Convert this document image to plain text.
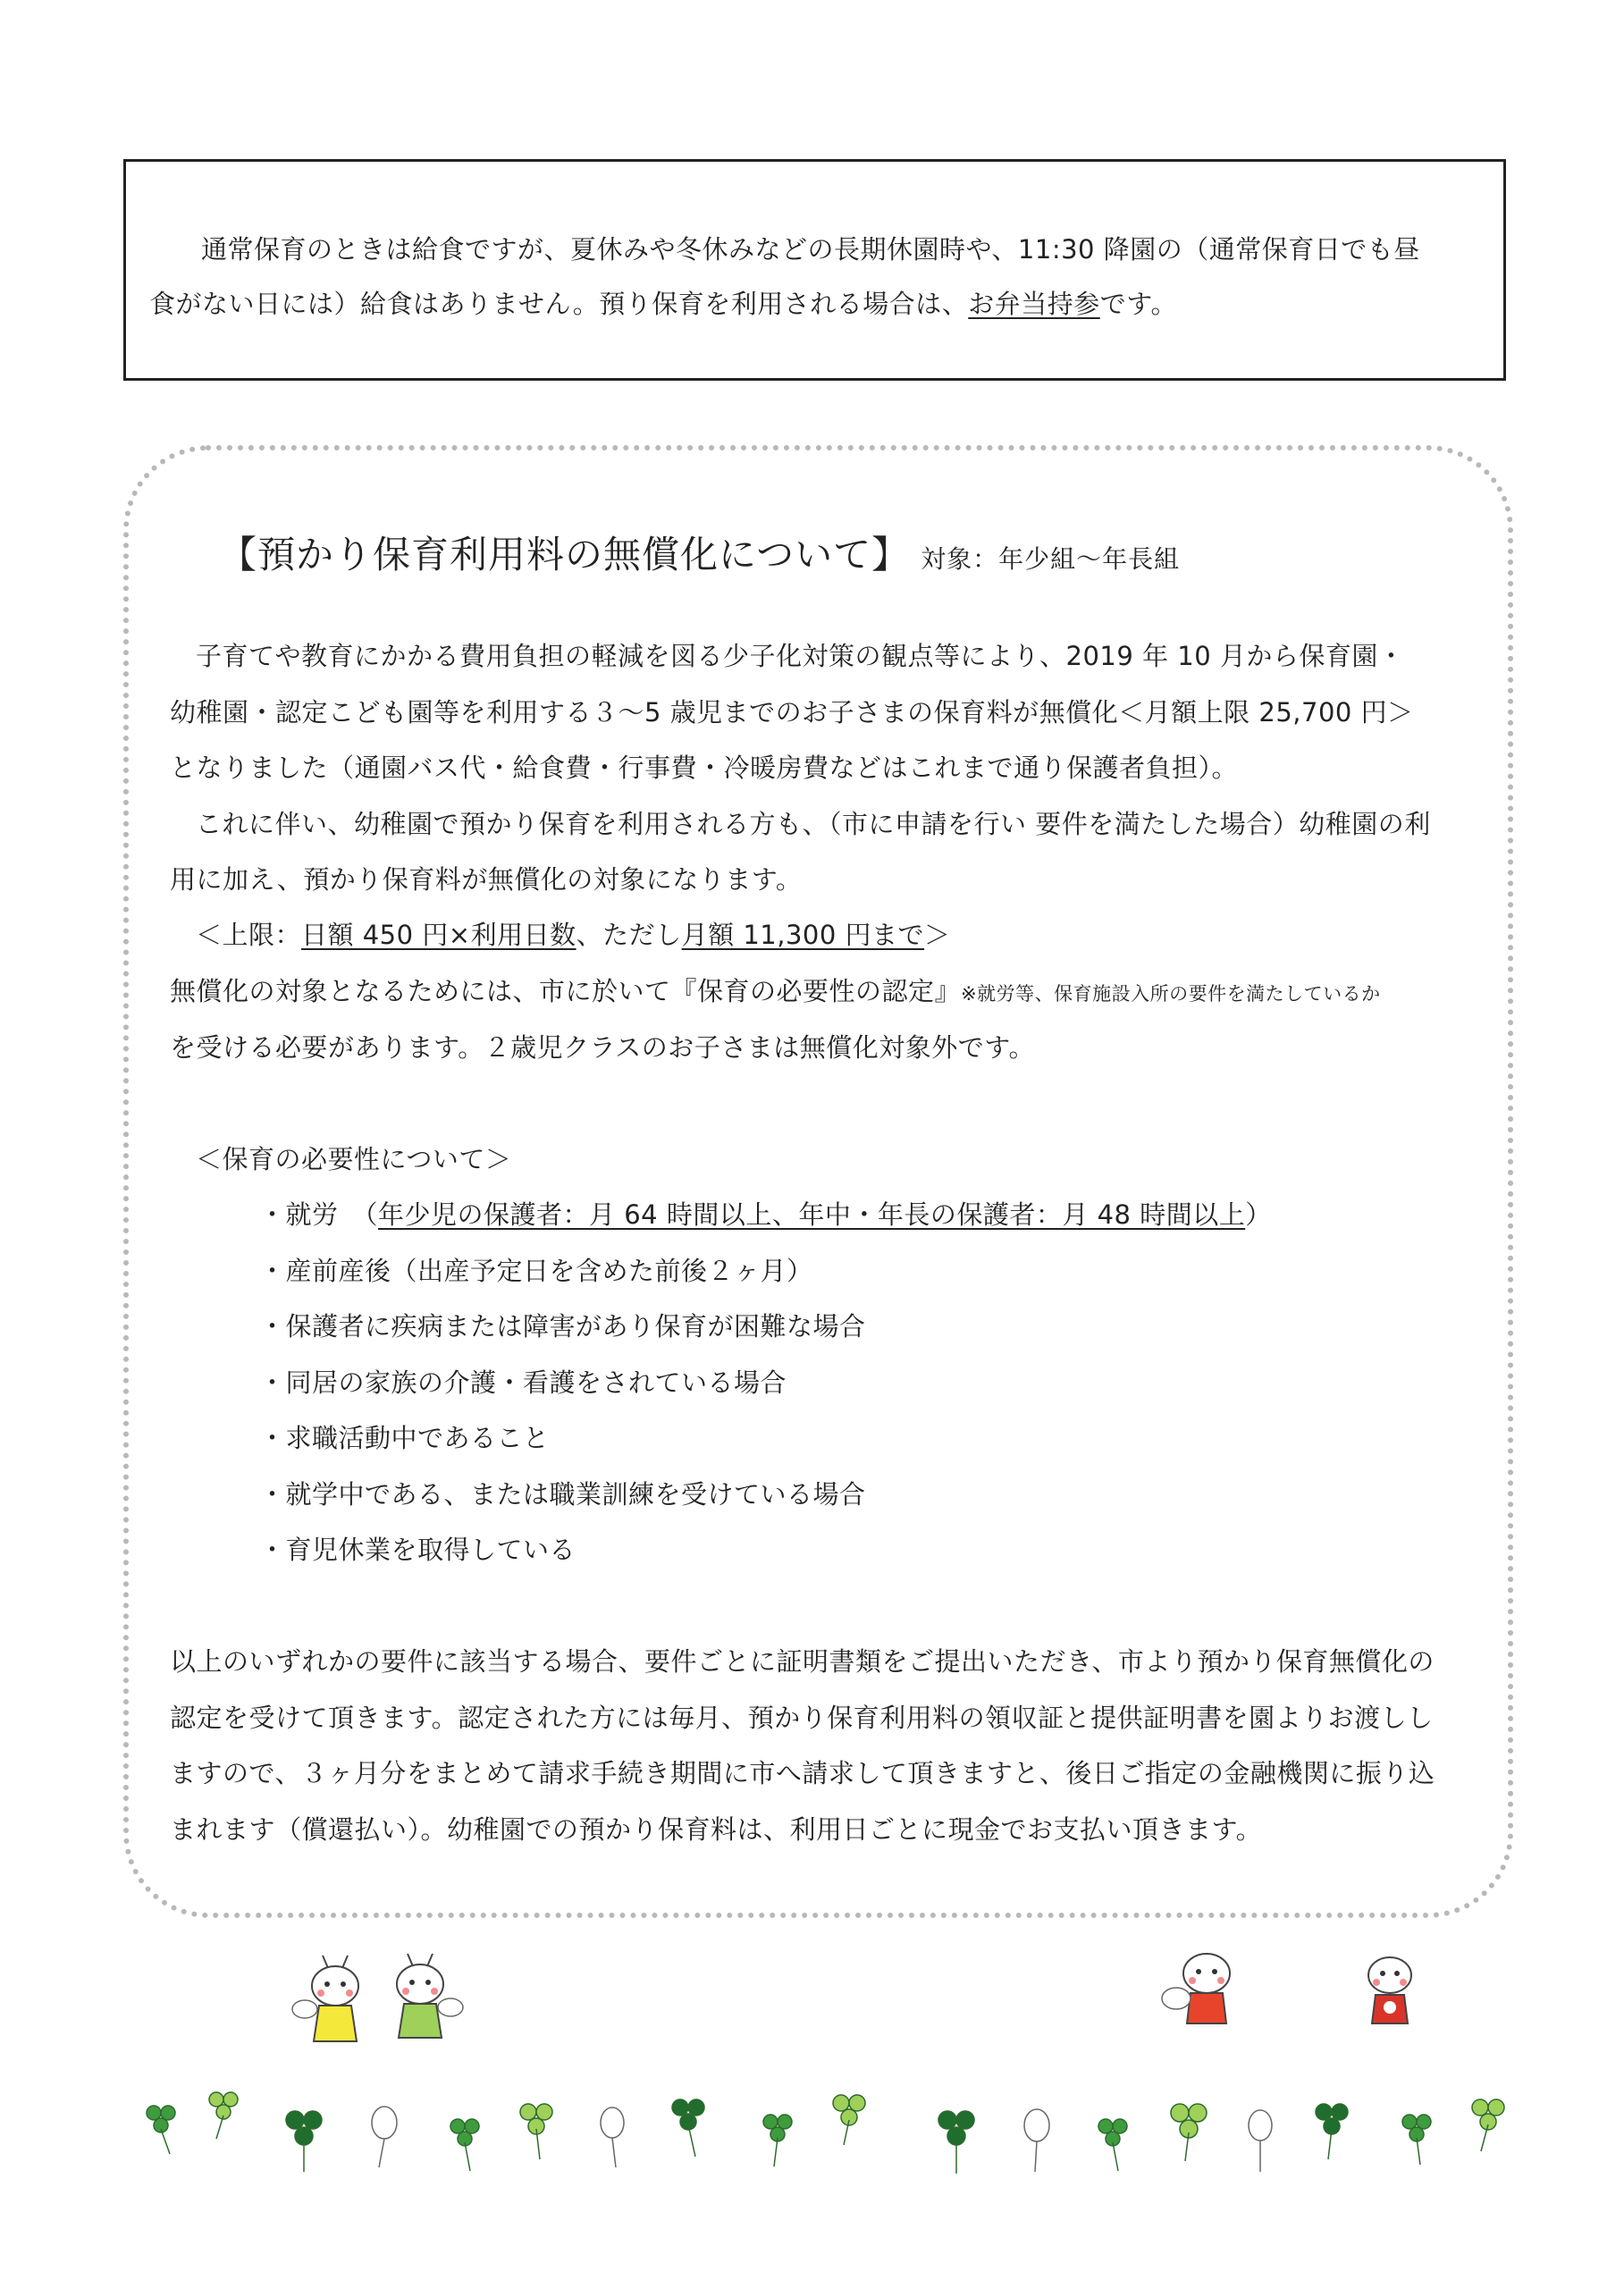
通常保育のときは給食ですが、夏休みや冬休みなどの長期休園時や、11:30 降園の（通常保育日でも昼
食がない日には）給食はありません。預り保育を利用される場合は、お弁当持参です。

【預かり保育利用料の無償化について】 対象：年少組～年長組

子育てや教育にかかる費用負担の軽減を図る少子化対策の観点等により、2019 年 10 月から保育園・

幼稚園・認定こども園等を利用する３～5 歳児までのお子さまの保育料が無償化＜月額上限 25,700 円＞

となりました（通園バス代・給食費・行事費・冷暖房費などはこれまで通り保護者負担）。

これに伴い、幼稚園で預かり保育を利用される方も、（市に申請を行い 要件を満たした場合）幼稚園の利

用に加え、預かり保育料が無償化の対象になります。

＜上限：日額 450 円×利用日数、ただし月額 11,300 円まで＞

無償化の対象となるためには、市に於いて『保育の必要性の認定』※就労等、保育施設入所の要件を満たしているか

を受ける必要があります。２歳児クラスのお子さまは無償化対象外です。

＜保育の必要性について＞

・就労　（年少児の保護者：月 64 時間以上、年中・年長の保護者：月 48 時間以上）

・産前産後（出産予定日を含めた前後２ヶ月）

・保護者に疾病または障害があり保育が困難な場合

・同居の家族の介護・看護をされている場合

・求職活動中であること

・就学中である、または職業訓練を受けている場合

・育児休業を取得している

以上のいずれかの要件に該当する場合、要件ごとに証明書類をご提出いただき、市より預かり保育無償化の

認定を受けて頂きます。認定された方には毎月、預かり保育利用料の領収証と提供証明書を園よりお渡しし

ますので、３ヶ月分をまとめて請求手続き期間に市へ請求して頂きますと、後日ご指定の金融機関に振り込

まれます（償還払い）。幼稚園での預かり保育料は、利用日ごとに現金でお支払い頂きます。
